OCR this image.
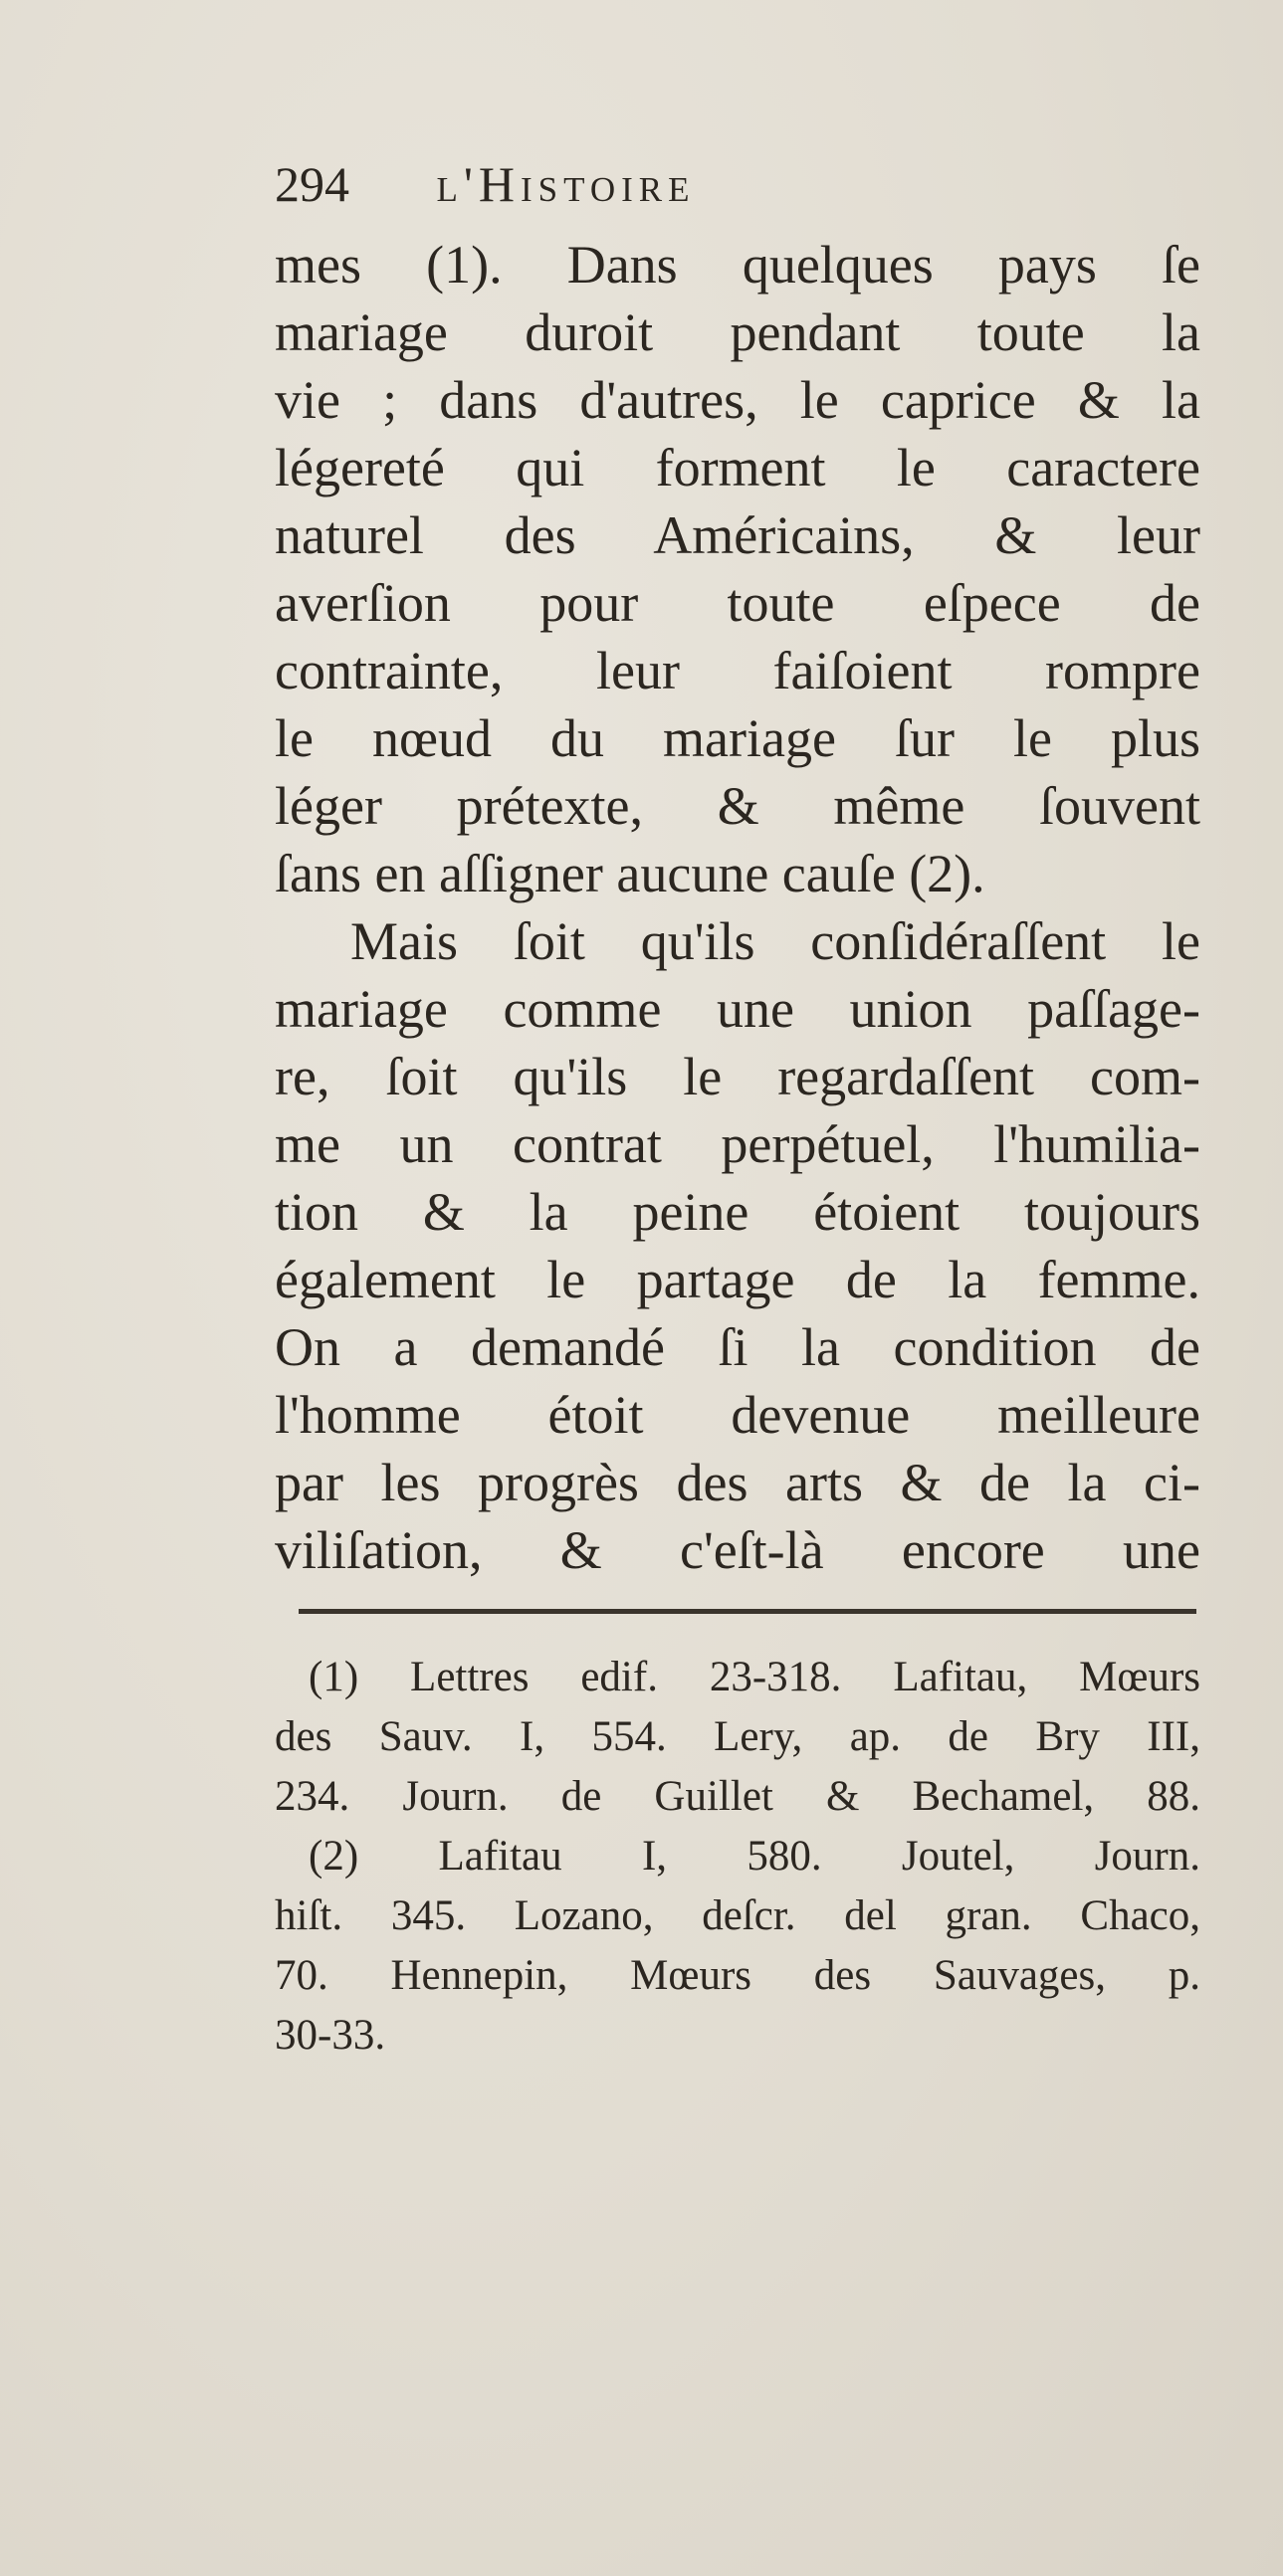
294 l'Histoire
mes (1). Dans quelques pays ſe
mariage duroit pendant toute la
vie ; dans d'autres, le caprice & la
légereté qui forment le caractere
naturel des Américains, & leur
averſion pour toute eſpece de
contrainte, leur faiſoient rompre
le nœud du mariage ſur le plus
léger prétexte, & même ſouvent
ſans en aſſigner aucune cauſe (2).
Mais ſoit qu'ils conſidéraſſent le
mariage comme une union paſſage-
re, ſoit qu'ils le regardaſſent com-
me un contrat perpétuel, l'humilia-
tion & la peine étoient toujours
également le partage de la femme.
On a demandé ſi la condition de
l'homme étoit devenue meilleure
par les progrès des arts & de la ci-
viliſation, & c'eſt-là encore une
(1) Lettres edif. 23-318. Lafitau, Mœurs
des Sauv. I, 554. Lery, ap. de Bry III,
234. Journ. de Guillet & Bechamel, 88.
(2) Lafitau I, 580. Joutel, Journ.
hiſt. 345. Lozano, deſcr. del gran. Chaco,
70. Hennepin, Mœurs des Sauvages, p.
30-33.
